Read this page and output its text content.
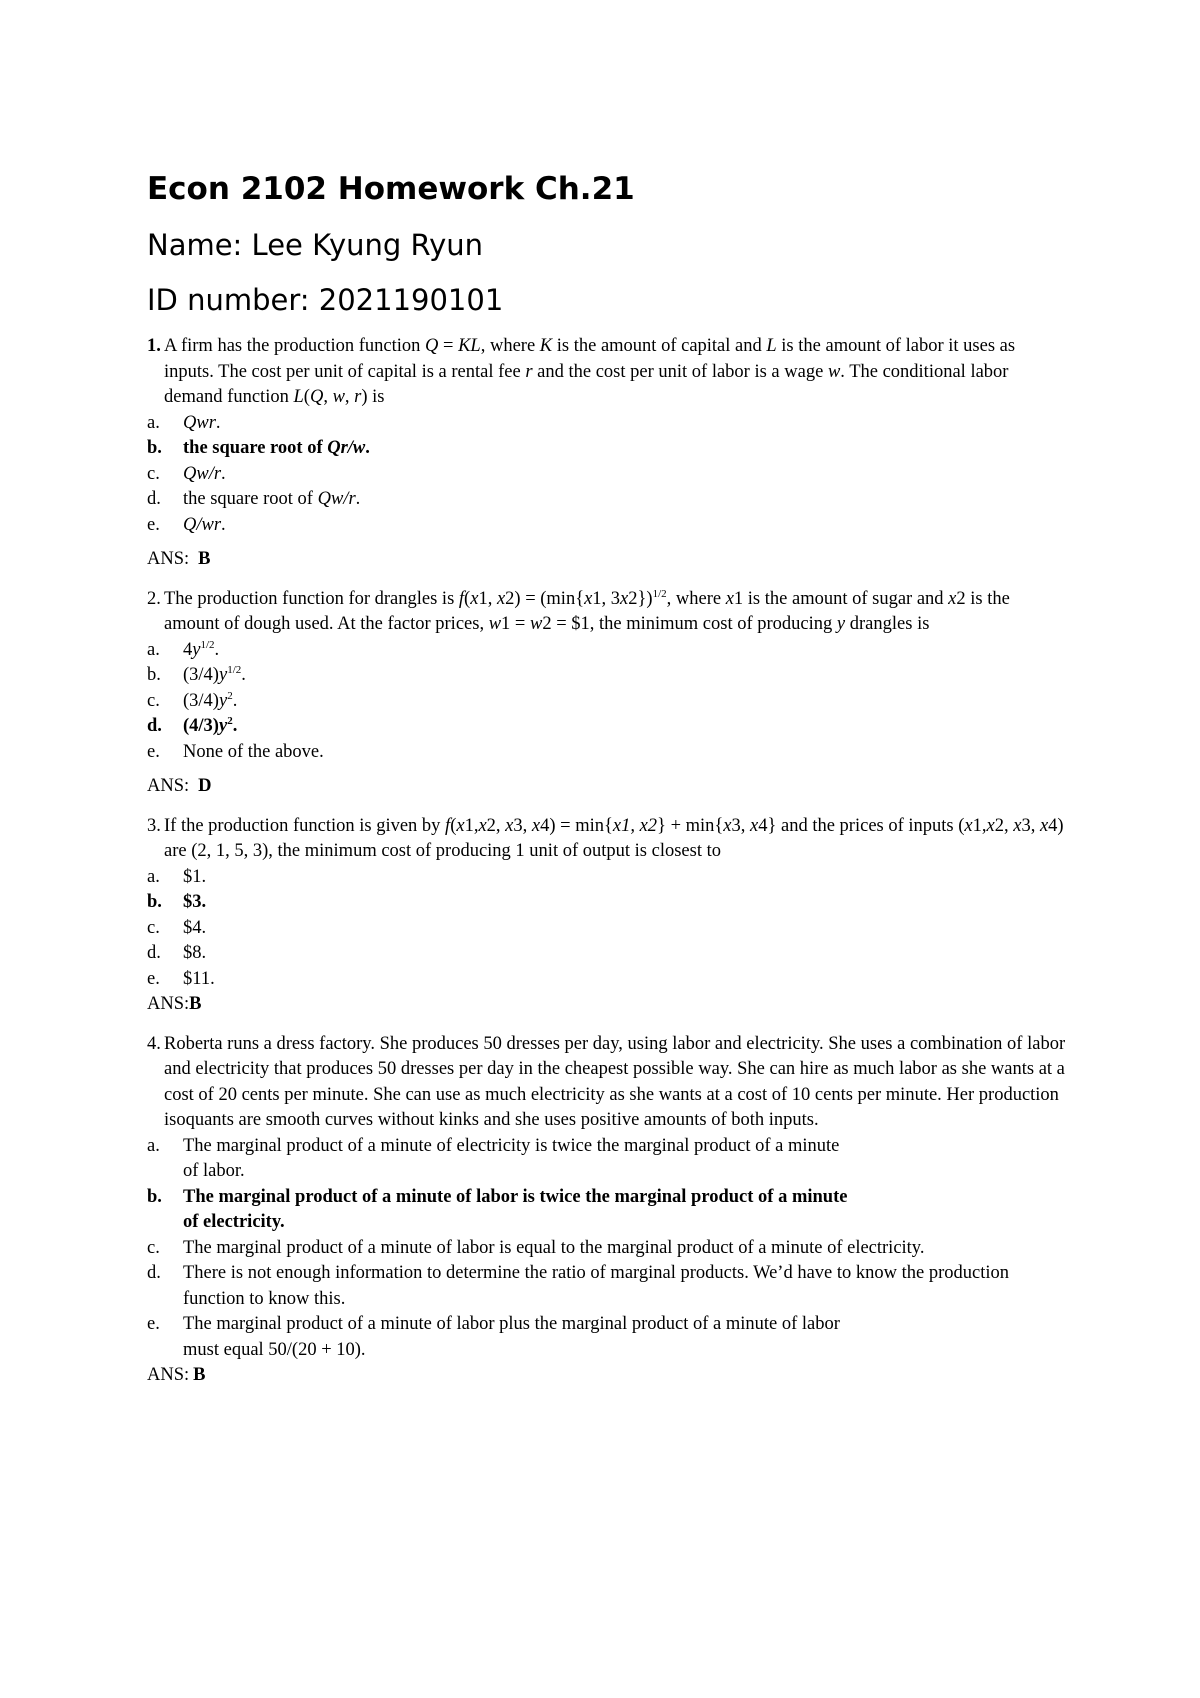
Econ 2102 Homework Ch.21
Name: Lee Kyung Ryun
ID number: 2021190101
1. A firm has the production function Q = KL, where K is the amount of capital and L is the amount of labor it uses as inputs. The cost per unit of capital is a rental fee r and the cost per unit of labor is a wage w. The conditional labor demand function L(Q, w, r) is
a.	Qwr.
b.	the square root of Qr/w.
c.	Qw/r.
d.	the square root of Qw/r.
e.	Q/wr.
ANS: B
2. The production function for drangles is f(x1, x2) = (min{x1, 3x2})$^{1/2}$, where x1 is the amount of sugar and x2 is the amount of dough used. At the factor prices, w1 = w2 = $1, the minimum cost of producing y drangles is
a.	$4y^{1/2}$.
b.	$(3/4)y^{1/2}$.
c.	$(3/4)y^2$.
d.	$(4/3)y^2$.
e.	None of the above.
ANS: D
3. If the production function is given by f(x1,x2, x3, x4) = min{x1, x2} + min{x3, x4} and the prices of inputs (x1,x2, x3, x4) are (2, 1, 5, 3), the minimum cost of producing 1 unit of output is closest to
a.	$1.
b.	$3.
c.	$4.
d.	$8.
e.	$11.
ANS:B
4. Roberta runs a dress factory. She produces 50 dresses per day, using labor and electricity. She uses a combination of labor and electricity that produces 50 dresses per day in the cheapest possible way. She can hire as much labor as she wants at a cost of 20 cents per minute. She can use as much electricity as she wants at a cost of 10 cents per minute. Her production isoquants are smooth curves without kinks and she uses positive amounts of both inputs.
a.	The marginal product of a minute of electricity is twice the marginal product of a minute
of labor.
b.	The marginal product of a minute of labor is twice the marginal product of a minute
of electricity.
c.	The marginal product of a minute of labor is equal to the marginal product of a minute of electricity.
d.	There is not enough information to determine the ratio of marginal products. We’d have to know the production function to know this.
e.	The marginal product of a minute of labor plus the marginal product of a minute of labor
must equal 50/(20 + 10).
ANS: B
